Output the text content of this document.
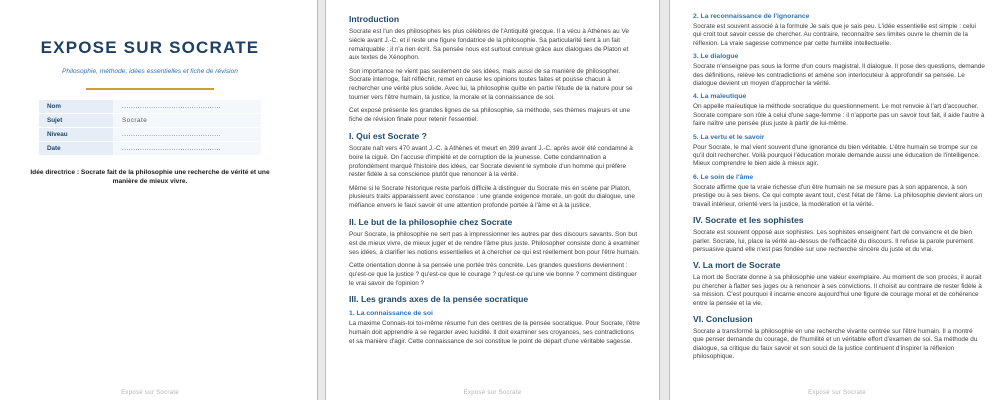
EXPOSE SUR SOCRATE
Philosophie, méthode, idées essentielles et fiche de révision
Nom	............................................
Sujet	Socrate
Niveau	............................................
Date	............................................
Idée directrice : Socrate fait de la philosophie une recherche de vérité et une manière de mieux vivre.
Exposé sur Socrate
Introduction

Socrate est l'un des philosophes les plus célèbres de l'Antiquité grecque. Il a vécu à Athènes au Ve siècle avant J.-C. et il reste une figure fondatrice de la philosophie. Sa particularité tient à un fait remarquable : il n'a rien écrit. Sa pensée nous est surtout connue grâce aux dialogues de Platon et aux textes de Xénophon.

Son importance ne vient pas seulement de ses idées, mais aussi de sa manière de philosopher. Socrate interroge, fait réfléchir, remet en cause les opinions toutes faites et pousse chacun à rechercher une vérité plus solide. Avec lui, la philosophie quitte en partie l'étude de la nature pour se tourner vers l'être humain, la justice, la morale et la connaissance de soi.

Cet exposé présente les grandes lignes de sa philosophie, sa méthode, ses thèmes majeurs et une fiche de révision finale pour retenir l'essentiel.

I. Qui est Socrate ?

Socrate naît vers 470 avant J.-C. à Athènes et meurt en 399 avant J.-C. après avoir été condamné à boire la ciguë. On l'accuse d'impiété et de corruption de la jeunesse. Cette condamnation a profondément marqué l'histoire des idées, car Socrate devient le symbole d'un homme qui préfère rester fidèle à sa conscience plutôt que renoncer à la vérité.

Même si le Socrate historique reste parfois difficile à distinguer du Socrate mis en scène par Platon, plusieurs traits apparaissent avec constance : une grande exigence morale, un goût du dialogue, une méfiance envers le faux savoir et une attention profonde portée à l'âme et à la justice.

II. Le but de la philosophie chez Socrate

Pour Socrate, la philosophie ne sert pas à impressionner les autres par des discours savants. Son but est de mieux vivre, de mieux juger et de rendre l'âme plus juste. Philosopher consiste donc à examiner ses idées, à clarifier les notions essentielles et à chercher ce qui est réellement bon pour l'être humain.

Cette orientation donne à sa pensée une portée très concrète. Les grandes questions deviennent : qu'est-ce que la justice ? qu'est-ce que le courage ? qu'est-ce qu'une vie bonne ? comment distinguer le vrai savoir de l'opinion ?

III. Les grands axes de la pensée socratique
1. La connaissance de soi

La maxime Connais-toi toi-même résume l'un des centres de la pensée socratique. Pour Socrate, l'être humain doit apprendre à se regarder avec lucidité. Il doit examiner ses croyances, ses contradictions et sa manière d'agir. Cette connaissance de soi constitue le point de départ d'une véritable sagesse.

Exposé sur Socrate
2. La reconnaissance de l'ignorance

Socrate est souvent associé à la formule Je sais que je sais peu. L'idée essentielle est simple : celui qui croit tout savoir cesse de chercher. Au contraire, reconnaître ses limites ouvre le chemin de la réflexion. La vraie sagesse commence par cette humilité intellectuelle.

3. Le dialogue

Socrate n'enseigne pas sous la forme d'un cours magistral. Il dialogue. Il pose des questions, demande des définitions, relève les contradictions et amène son interlocuteur à approfondir sa pensée. Le dialogue devient un moyen d'approcher la vérité.

4. La maïeutique

On appelle maïeutique la méthode socratique du questionnement. Le mot renvoie à l'art d'accoucher. Socrate compare son rôle à celui d'une sage-femme : il n'apporte pas un savoir tout fait, il aide l'autre à faire naître une pensée plus juste à partir de lui-même.

5. La vertu et le savoir

Pour Socrate, le mal vient souvent d'une ignorance du bien véritable. L'être humain se trompe sur ce qu'il doit rechercher. Voilà pourquoi l'éducation morale demande aussi une éducation de l'intelligence. Mieux comprendre le bien aide à mieux agir.

6. Le soin de l'âme

Socrate affirme que la vraie richesse d'un être humain ne se mesure pas à son apparence, à son prestige ou à ses biens. Ce qui compte avant tout, c'est l'état de l'âme. La philosophie devient alors un travail intérieur, orienté vers la justice, la modération et la vérité.

IV. Socrate et les sophistes

Socrate est souvent opposé aux sophistes. Les sophistes enseignent l'art de convaincre et de bien parler. Socrate, lui, place la vérité au-dessus de l'efficacité du discours. Il refuse la parole purement persuasive quand elle n'est pas fondée sur une recherche sincère du juste et du vrai.

V. La mort de Socrate

La mort de Socrate donne à sa philosophie une valeur exemplaire. Au moment de son procès, il aurait pu chercher à flatter ses juges ou à renoncer à ses convictions. Il choisit au contraire de rester fidèle à sa mission. C'est pourquoi il incarne encore aujourd'hui une figure de courage moral et de cohérence entre la pensée et la vie.

VI. Conclusion

Socrate a transformé la philosophie en une recherche vivante centrée sur l'être humain. Il a montré que penser demande du courage, de l'humilité et un véritable effort d'examen de soi. Sa méthode du dialogue, sa critique du faux savoir et son souci de la justice continuent d'inspirer la réflexion philosophique.

Exposé sur Socrate
